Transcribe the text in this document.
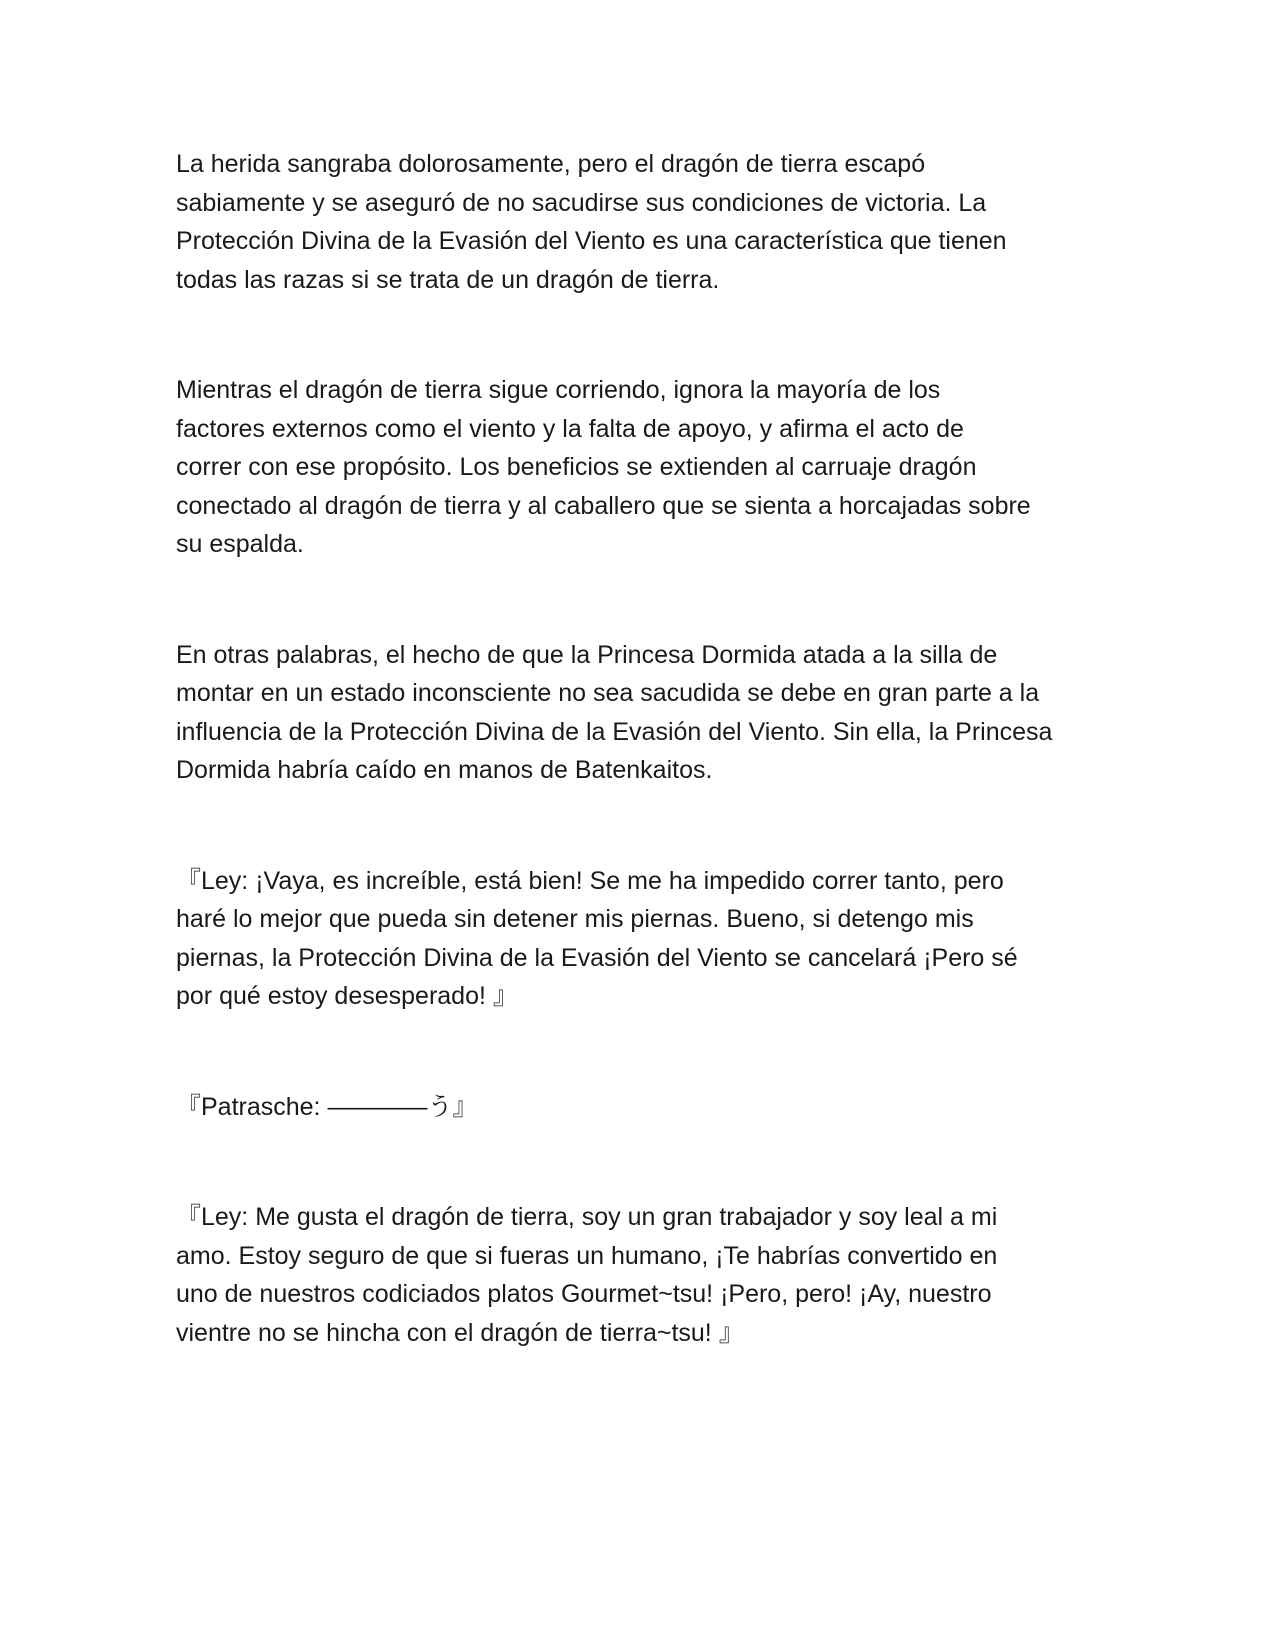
La herida sangraba dolorosamente, pero el dragón de tierra escapó
sabiamente y se aseguró de no sacudirse sus condiciones de victoria. La
Protección Divina de la Evasión del Viento es una característica que tienen
todas las razas si se trata de un dragón de tierra.

Mientras el dragón de tierra sigue corriendo, ignora la mayoría de los
factores externos como el viento y la falta de apoyo, y afirma el acto de
correr con ese propósito. Los beneficios se extienden al carruaje dragón
conectado al dragón de tierra y al caballero que se sienta a horcajadas sobre
su espalda.

En otras palabras, el hecho de que la Princesa Dormida atada a la silla de
montar en un estado inconsciente no sea sacudida se debe en gran parte a la
influencia de la Protección Divina de la Evasión del Viento. Sin ella, la Princesa
Dormida habría caído en manos de Batenkaitos.

『Ley: ¡Vaya, es increíble, está bien! Se me ha impedido correr tanto, pero
haré lo mejor que pueda sin detener mis piernas. Bueno, si detengo mis
piernas, la Protección Divina de la Evasión del Viento se cancelará ¡Pero sé
por qué estoy desesperado! 』

『Patrasche: ————う』

『Ley: Me gusta el dragón de tierra, soy un gran trabajador y soy leal a mi
amo. Estoy seguro de que si fueras un humano, ¡Te habrías convertido en
uno de nuestros codiciados platos Gourmet~tsu! ¡Pero, pero! ¡Ay, nuestro
vientre no se hincha con el dragón de tierra~tsu! 』
